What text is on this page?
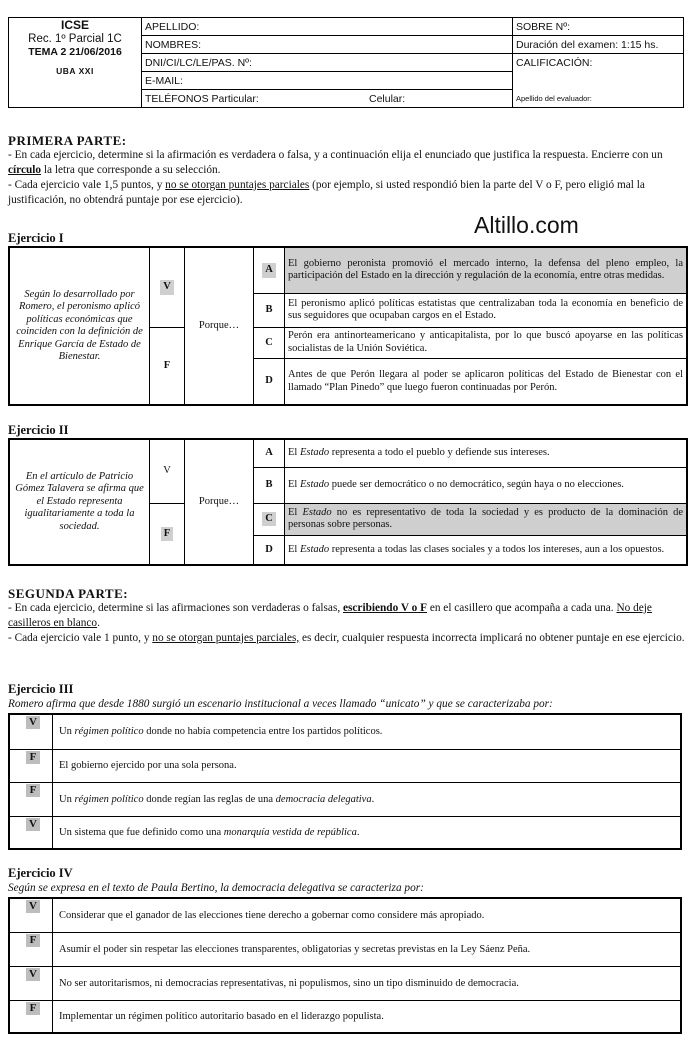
ICSE
Rec. 1º Parcial 1C
TEMA 2 21/06/2016
UBA XXI	APELLIDO:		SOBRE Nº:
	NOMBRES:		Duración del examen: 1:15 hs.
	DNI/CI/LC/LE/PAS. Nº:		CALIFICACIÓN:
Apellido del evaluador:

	E-MAIL:		
	TELÉFONOS Particular:	Celular:	
PRIMERA PARTE:
- En cada ejercicio, determine si la afirmación es verdadera o falsa, y a continuación elija el enunciado que justifica la respuesta. Encierre con un círculo la letra que corresponde a su selección.
- Cada ejercicio vale 1,5 puntos, y no se otorgan puntajes parciales (por ejemplo, si usted respondió bien la parte del V o F, pero eligió mal la justificación, no obtendrá puntaje por ese ejercicio).
Altillo.com
Ejercicio I
Según lo desarrollado por Romero, el peronismo aplicó políticas económicas que coinciden con la definición de Enrique García de Estado de Bienestar.	V	Porque…	A	El gobierno peronista promovió el mercado interno, la defensa del pleno empleo, la participación del Estado en la dirección y regulación de la economía, entre otras medidas.
			B	El peronismo aplicó políticas estatistas que centralizaban toda la economía en beneficio de sus seguidores que ocupaban cargos en el Estado.
	F		C	Perón era antinorteamericano y anticapitalista, por lo que buscó apoyarse en las políticas socialistas de la Unión Soviética.
			D	Antes de que Perón llegara al poder se aplicaron políticas del Estado de Bienestar con el llamado “Plan Pinedo” que luego fueron continuadas por Perón.
Ejercicio II
En el artículo de Patricio Gómez Talavera se afirma que el Estado representa igualitariamente a toda la sociedad.	V	Porque…	A	El Estado representa a todo el pueblo y defiende sus intereses.
			B	El Estado puede ser democrático o no democrático, según haya o no elecciones.
	F		C	El Estado no es representativo de toda la sociedad y es producto de la dominación de personas sobre personas.
			D	El Estado representa a todas las clases sociales y a todos los intereses, aun a los opuestos.
SEGUNDA PARTE:
- En cada ejercicio, determine si las afirmaciones son verdaderas o falsas, escribiendo V o F en el casillero que acompaña a cada una. No deje casilleros en blanco.
- Cada ejercicio vale 1 punto, y no se otorgan puntajes parciales, es decir, cualquier respuesta incorrecta implicará no obtener puntaje en ese ejercicio.
Ejercicio III
Romero afirma que desde 1880 surgió un escenario institucional a veces llamado “unicato” y que se caracterizaba por:
V	Un régimen político donde no había competencia entre los partidos políticos.
F	El gobierno ejercido por una sola persona.
F	Un régimen político donde regían las reglas de una democracia delegativa.
V	Un sistema que fue definido como una monarquía vestida de república.
Ejercicio IV
Según se expresa en el texto de Paula Bertino, la democracia delegativa se caracteriza por:
V	Considerar que el ganador de las elecciones tiene derecho a gobernar como considere más apropiado.
F	Asumir el poder sin respetar las elecciones transparentes, obligatorias y secretas previstas en la Ley Sáenz Peña.
V	No ser autoritarismos, ni democracias representativas, ni populismos, sino un tipo disminuido de democracia.
F	Implementar un régimen político autoritario basado en el liderazgo populista.
